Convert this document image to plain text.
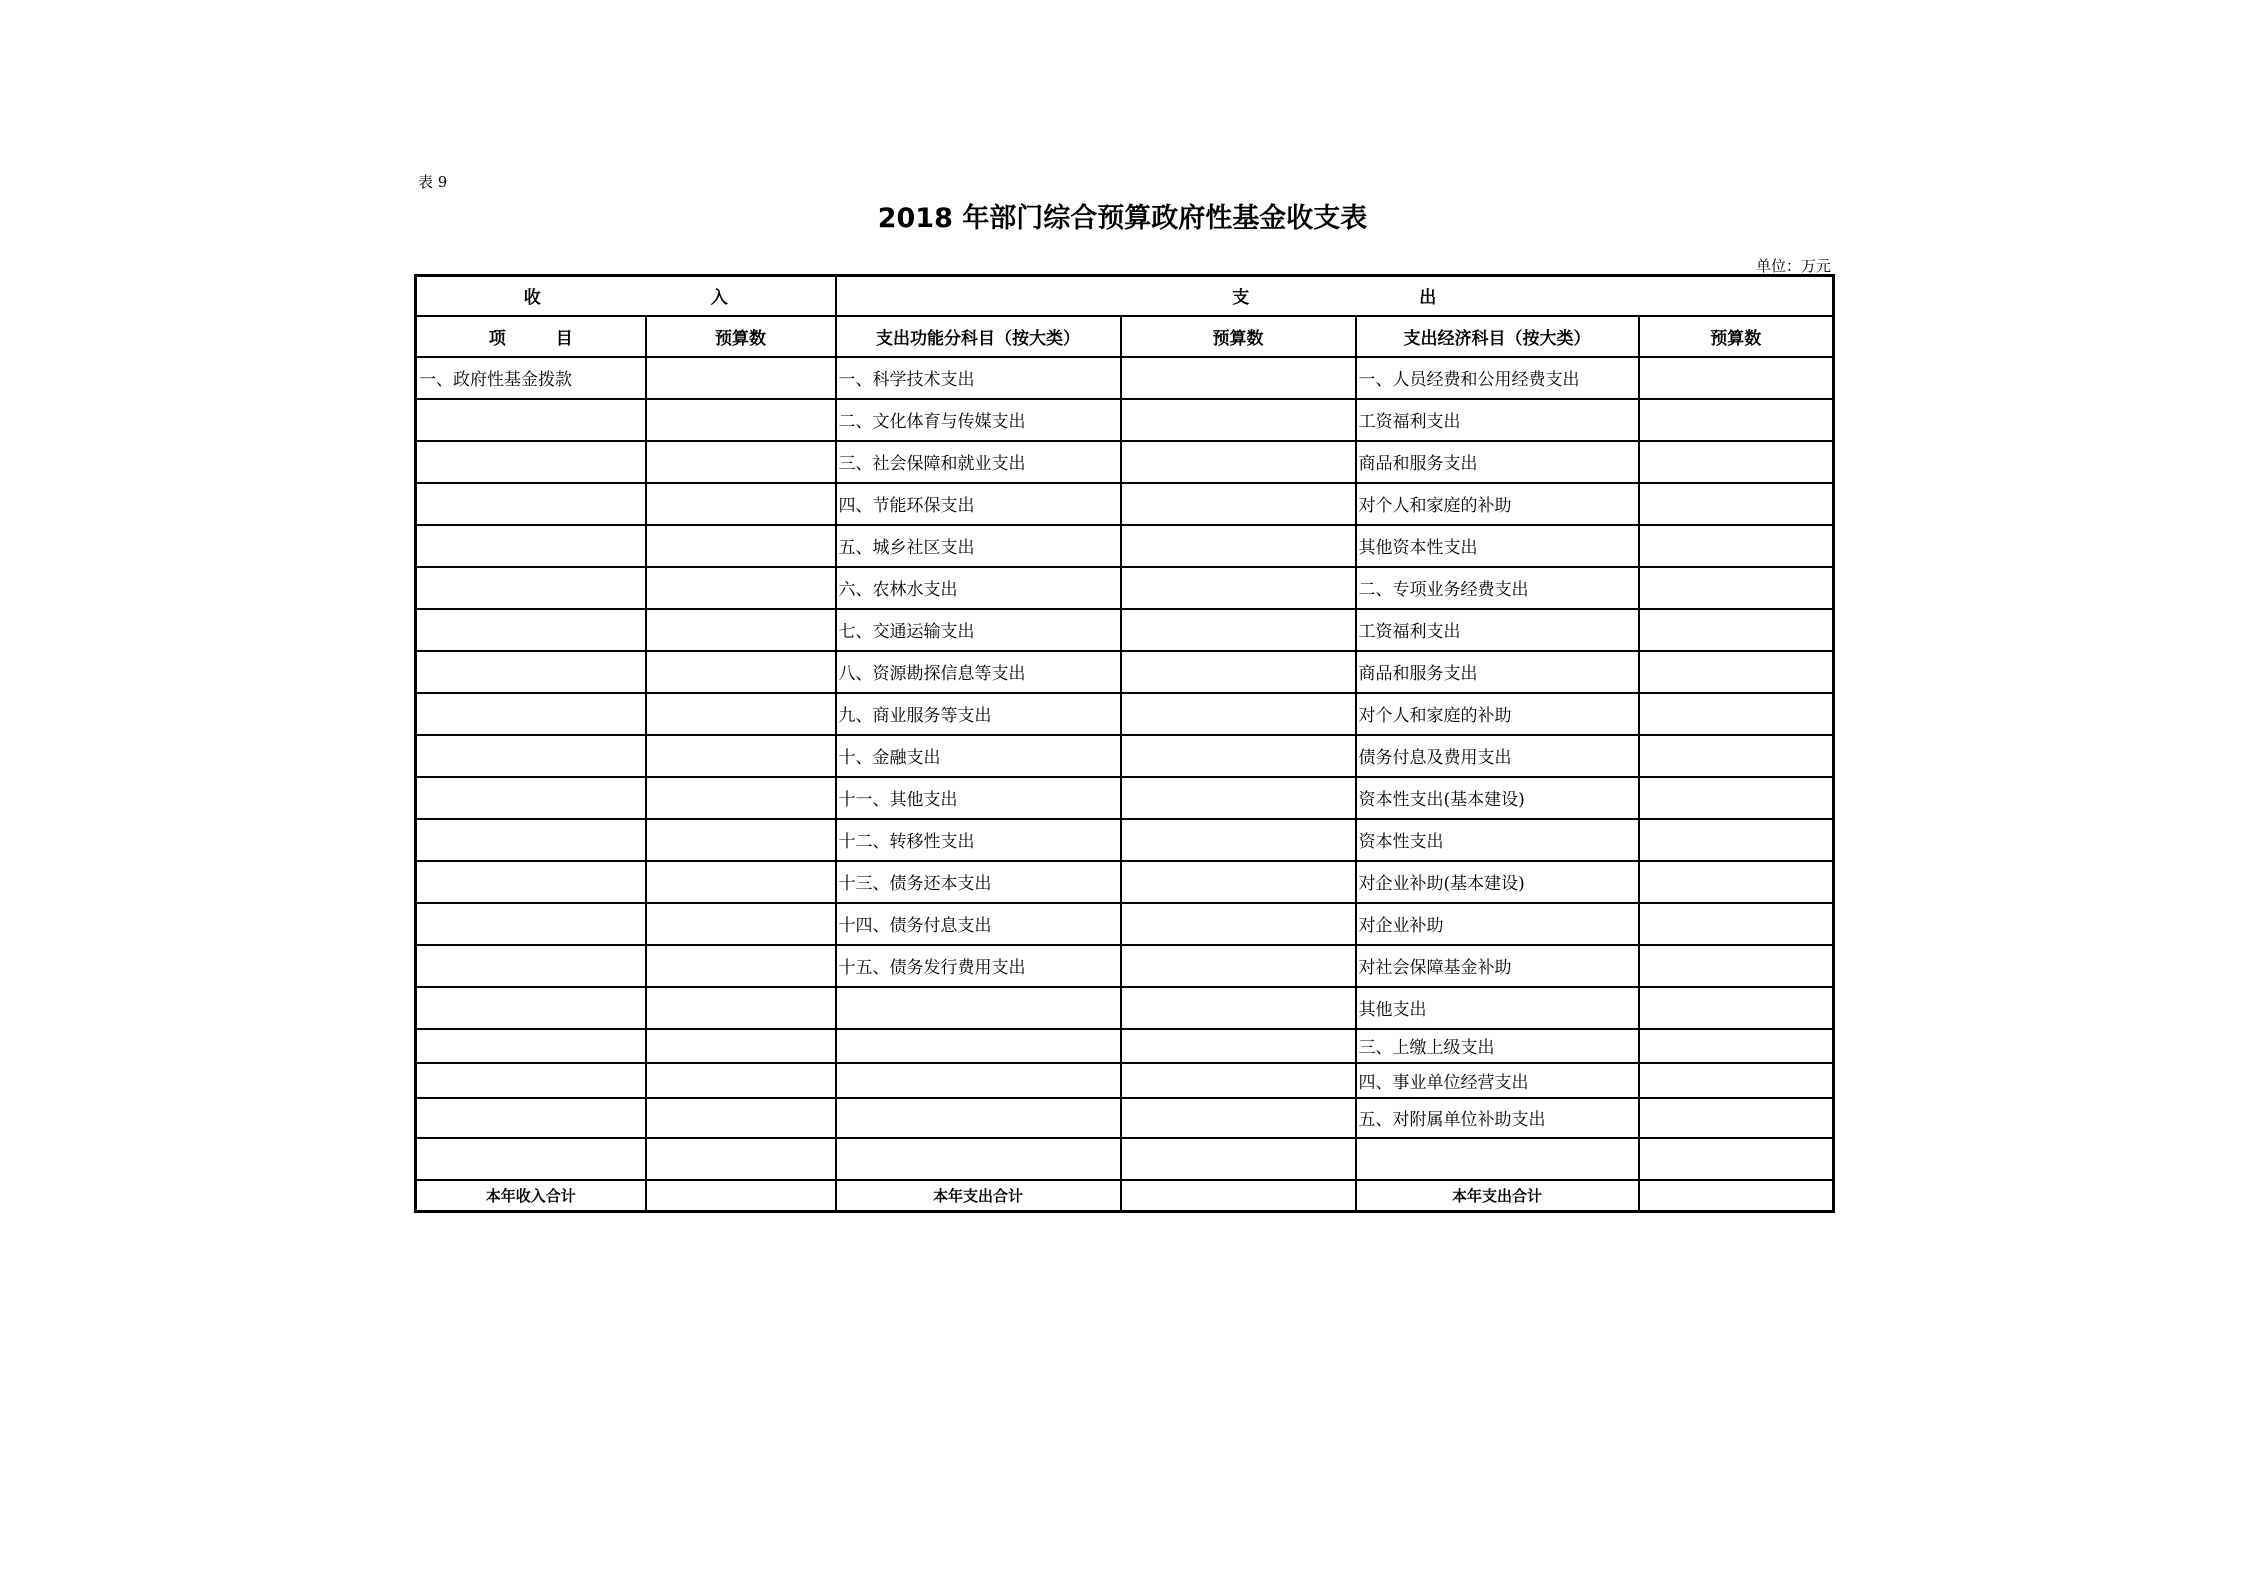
表 9
2018 年部门综合预算政府性基金收支表
单位：万元
收 入		支 出			
项 目	预算数	支出功能分科目（按大类）	预算数	支出经济科目（按大类）	预算数
一、政府性基金拨款		一、科学技术支出		一、人员经费和公用经费支出	
		二、文化体育与传媒支出		工资福利支出	
		三、社会保障和就业支出		商品和服务支出	
		四、节能环保支出		对个人和家庭的补助	
		五、城乡社区支出		其他资本性支出	
		六、农林水支出		二、专项业务经费支出	
		七、交通运输支出		工资福利支出	
		八、资源勘探信息等支出		商品和服务支出	
		九、商业服务等支出		对个人和家庭的补助	
		十、金融支出		债务付息及费用支出	
		十一、其他支出		资本性支出(基本建设)	
		十二、转移性支出		资本性支出	
		十三、债务还本支出		对企业补助(基本建设)	
		十四、债务付息支出		对企业补助	
		十五、债务发行费用支出		对社会保障基金补助	
				其他支出	
				三、上缴上级支出	
				四、事业单位经营支出	
				五、对附属单位补助支出	

本年收入合计		本年支出合计		本年支出合计	
